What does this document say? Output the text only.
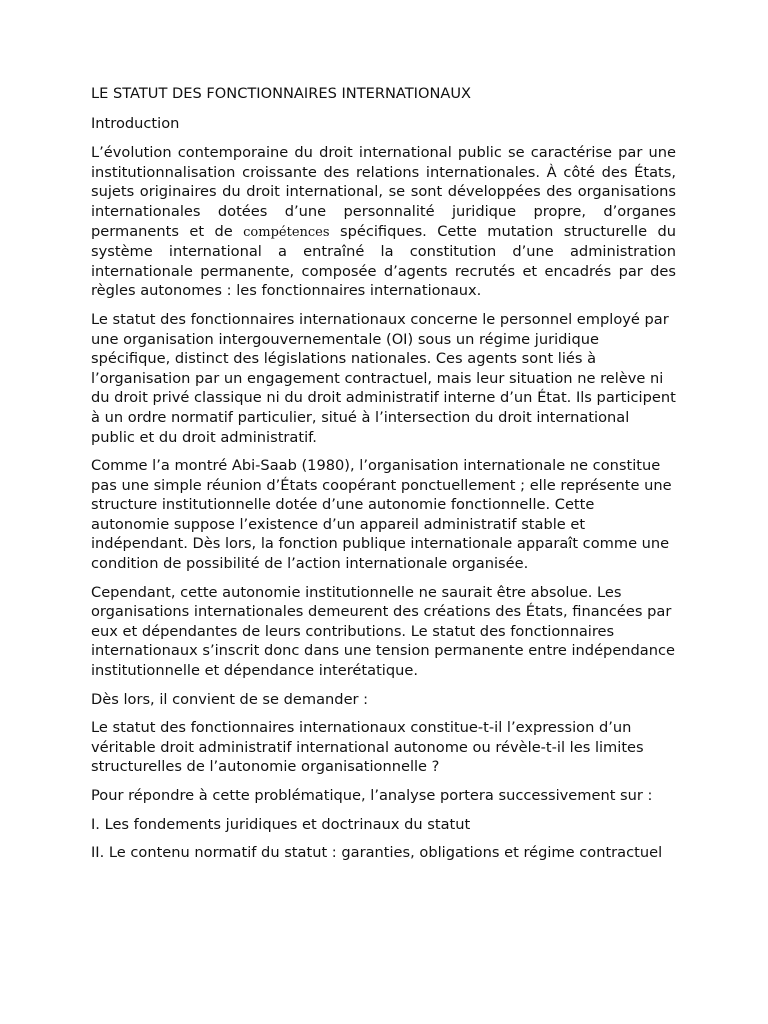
LE STATUT DES FONCTIONNAIRES INTERNATIONAUX
Introduction

L’évolution contemporaine du droit international public se caractérise par une institutionnalisation croissante des relations internationales. À côté des États, sujets originaires du droit international, se sont développées des organisations internationales dotées d’une personnalité juridique propre, d’organes permanents et de compétences spécifiques. Cette mutation structurelle du système international a entraîné la constitution d’une administration internationale permanente, composée d’agents recrutés et encadrés par des règles autonomes : les fonctionnaires internationaux.

Le statut des fonctionnaires internationaux concerne le personnel employé par une organisation intergouvernementale (OI) sous un régime juridique spécifique, distinct des législations nationales. Ces agents sont liés à l’organisation par un engagement contractuel, mais leur situation ne relève ni du droit privé classique ni du droit administratif interne d’un État. Ils participent à un ordre normatif particulier, situé à l’intersection du droit international public et du droit administratif.

Comme l’a montré Abi-Saab (1980), l’organisation internationale ne constitue pas une simple réunion d’États coopérant ponctuellement ; elle représente une structure institutionnelle dotée d’une autonomie fonctionnelle. Cette autonomie suppose l’existence d’un appareil administratif stable et indépendant. Dès lors, la fonction publique internationale apparaît comme une condition de possibilité de l’action internationale organisée.

Cependant, cette autonomie institutionnelle ne saurait être absolue. Les organisations internationales demeurent des créations des États, financées par eux et dépendantes de leurs contributions. Le statut des fonctionnaires internationaux s’inscrit donc dans une tension permanente entre indépendance institutionnelle et dépendance interétatique.

Dès lors, il convient de se demander :

Le statut des fonctionnaires internationaux constitue-t-il l’expression d’un véritable droit administratif international autonome ou révèle-t-il les limites structurelles de l’autonomie organisationnelle ?

Pour répondre à cette problématique, l’analyse portera successivement sur :

I. Les fondements juridiques et doctrinaux du statut

II. Le contenu normatif du statut : garanties, obligations et régime contractuel
